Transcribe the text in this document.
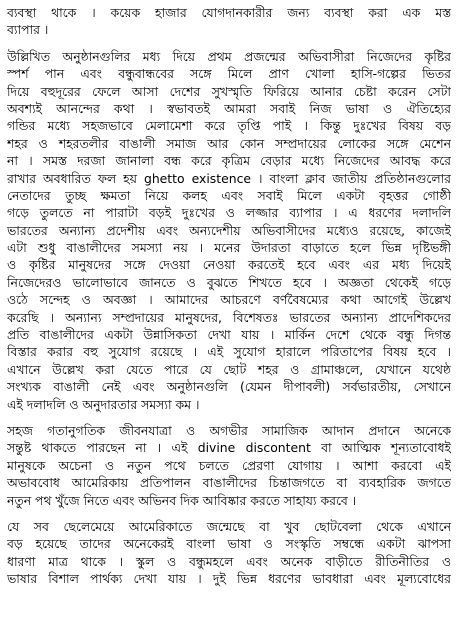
ব্যবস্থা থাকে । কয়েক হাজার যোগদানকারীর জন্য ব্যবস্থা করা এক মস্ত
ব্যাপার ।
উল্লিখিত অনুষ্ঠানগুলির মধ্য দিয়ে প্রথম প্রজন্মের অভিবাসীরা নিজেদের কৃষ্টির
স্পর্শ পান এবং বন্ধুবান্ধবের সঙ্গে মিলে প্রাণ খোলা হাসি-গল্পের ভিতর
দিয়ে বহুদূরের ফেলে আসা দেশের সুখস্মৃতি ফিরিয়ে আনার চেষ্টা করেন সেটা
অবশ্যই আনন্দের কথা । স্বভাবতই আমরা সবাই নিজ ভাষা ও ঐতিহ্যের
গন্ডির মধ্যে সহজভাবে মেলামেশা করে তৃপ্তি পাই । কিন্তু দুঃখের বিষয় বড়
শহর ও শহরতলীর বাঙালী সমাজ আর কোন সম্প্রদায়ের লোকের সঙ্গে মেশেন
না । সমস্ত দরজা জানালা বন্ধ করে কৃত্রিম বেড়ার মধ্যে নিজেদের আবদ্ধ করে
রাখার অবধারিত ফল হয় ghetto existence । বাংলা ক্লাব জাতীয় প্রতিষ্ঠানগুলোর
নেতাদের তুচ্ছ ক্ষমতা নিয়ে কলহ এবং সবাই মিলে একটা বৃহত্তর গোষ্ঠী
গড়ে তুলতে না পারাটা বড়ই দুঃখের ও লজ্জার ব্যাপার । এ ধরণের দলাদলি
ভারতের অন্যান্য প্রদেশীয় এবং অন্যদেশীয় অভিবাসীদের মধ্যেও রয়েছে, কাজেই
এটা শুধু বাঙালীদের সমস্যা নয় । মনের উদারতা বাড়াতে হলে ভিন্ন দৃষ্টিভঙ্গী
ও কৃষ্টির মানুষদের সঙ্গে দেওয়া নেওয়া করতেই হবে এবং এর মধ্য দিয়েই
নিজেদেরও ভালোভাবে জানতে ও বুঝতে শিখতে হবে । অজ্ঞতা থেকেই গড়ে
ওঠে সন্দেহ ও অবজ্ঞা । আমাদের আচরণে বর্ণবৈষম্যের কথা আগেই উল্লেখ
করেছি । অন্যান্য সম্প্রদায়ের মানুষদের, বিশেষতঃ ভারতের অন্যান্য প্রাদেশিকদের
প্রতি বাঙালীদের একটা উন্নাসিকতা দেখা যায় । মার্কিন দেশে থেকে বন্ধু দিগন্ত
বিস্তার করার বহু সুযোগ রয়েছে । এই সুযোগ হারালে পরিতাপের বিষয় হবে ।
এখানে উল্লেখ করা যেতে পারে যে ছোট শহর ও গ্রামাঞ্চলে, যেখানে যথেষ্ঠ
সংখ্যক বাঙালী নেই এবং অনুষ্ঠানগুলি (যেমন দীপাবলী) সর্বভারতীয়, সেখানে
এই দলাদলি ও অনুদারতার সমস্যা কম ।
সহজ গতানুগতিক জীবনযাত্রা ও অগভীর সামাজিক আদান প্রদানে অনেকে
সন্তুষ্ট থাকতে পারছেন না । এই divine discontent বা আত্মিক শূন্যতাবোধই
মানুষকে অচেনা ও নতুন পথে চলতে প্রেরণা যোগায় । আশা করবো এই
অভাববোধ আমেরিকায় প্রতিপালন বাঙালীদের চিন্তাজগতে বা ব্যবহারিক জগতে
নতুন পথ খুঁজে নিতে এবং অভিনব দিক আবিষ্কার করতে সাহায্য করবে ।
যে সব ছেলেমেয়ে আমেরিকাতে জন্মেছে বা খুব ছোটবেলা থেকে এখানে
বড় হয়েছে তাদের অনেকেরই বাংলা ভাষা ও সংস্কৃতি সম্বন্ধে একটা ঝাপসা
ধারণা মাত্র থাকে । স্কুল ও বন্ধুমহলে এবং অনেক বাড়ীতে রীতিনীতির ও
ভাষার বিশাল পার্থক্য দেখা যায় । দুই ভিন্ন ধরণের ভাবধারা এবং মূল্যবোধের
